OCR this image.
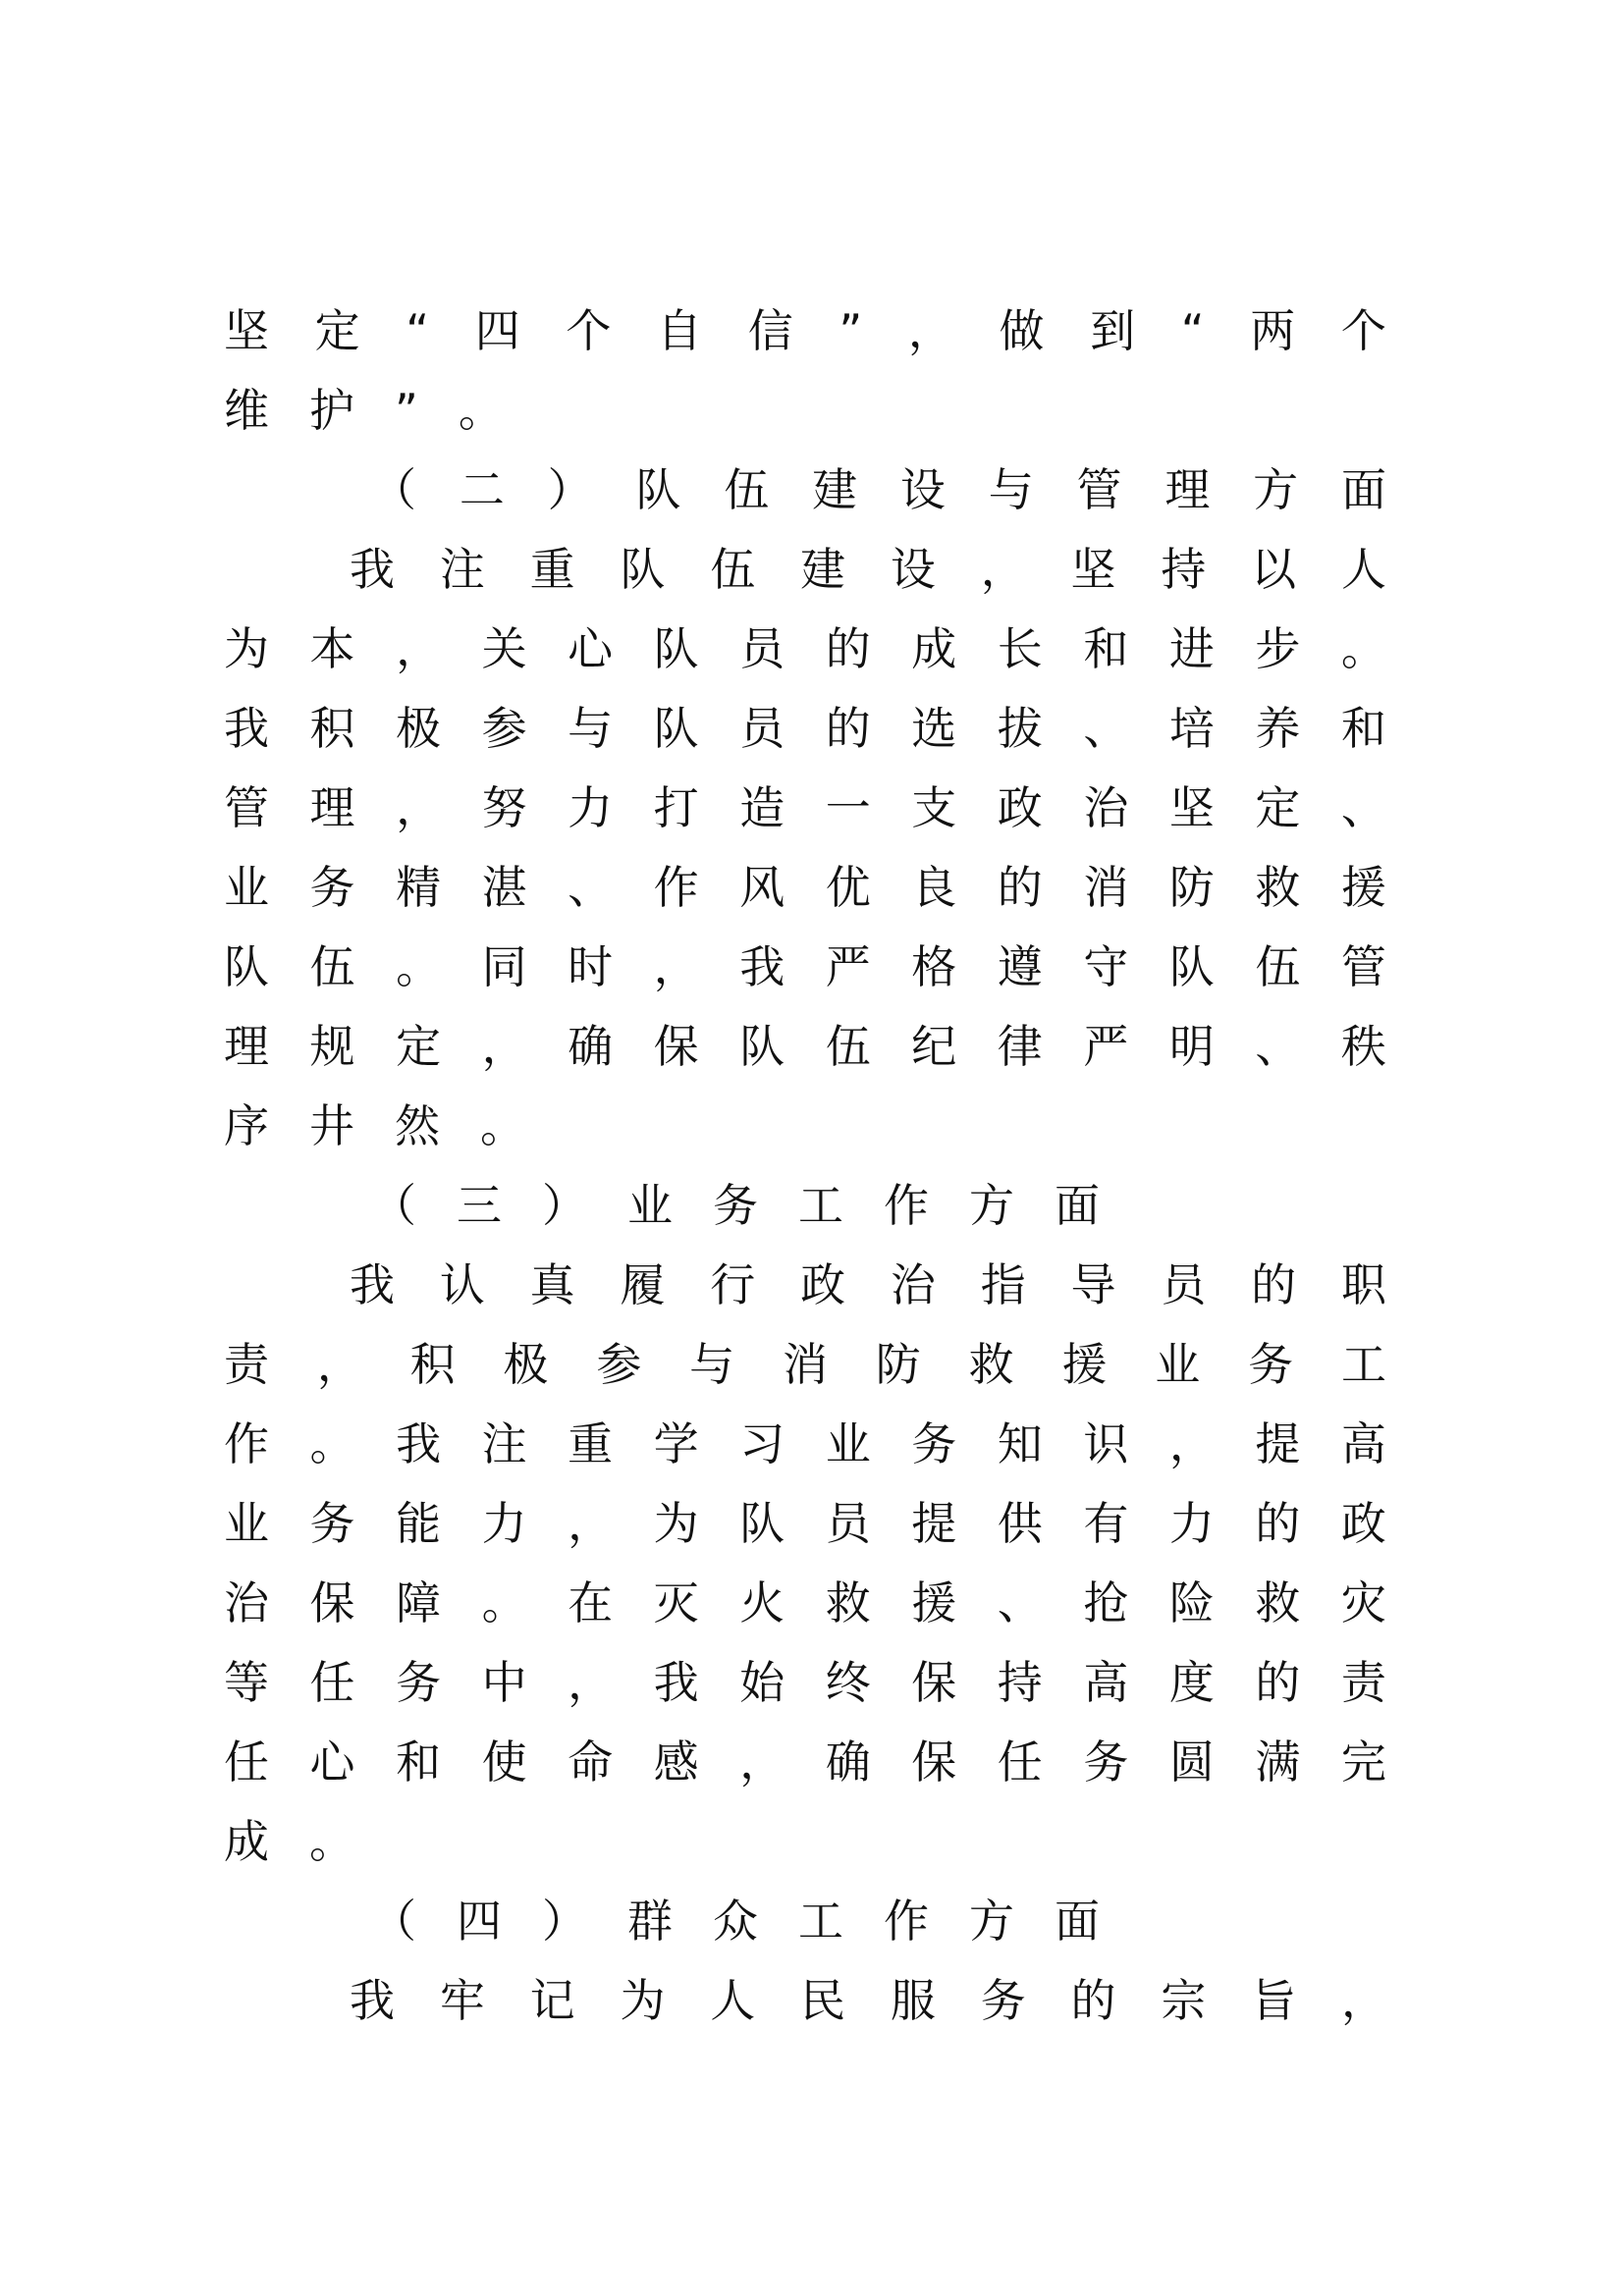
坚 定 “ 四 个 自 信 ” ， 做 到 “ 两 个
维 护 ” 。
（ 二 ） 队 伍 建 设 与 管 理 方 面
我 注 重 队 伍 建 设 ， 坚 持 以 人
为 本 ， 关 心 队 员 的 成 长 和 进 步 。
我 积 极 参 与 队 员 的 选 拔 、 培 养 和
管 理 ， 努 力 打 造 一 支 政 治 坚 定 、
业 务 精 湛 、 作 风 优 良 的 消 防 救 援
队 伍 。 同 时 ， 我 严 格 遵 守 队 伍 管
理 规 定 ， 确 保 队 伍 纪 律 严 明 、 秩
序 井 然 。
（ 三 ） 业 务 工 作 方 面
我 认 真 履 行 政 治 指 导 员 的 职
责 ， 积 极 参 与 消 防 救 援 业 务 工
作 。 我 注 重 学 习 业 务 知 识 ， 提 高
业 务 能 力 ， 为 队 员 提 供 有 力 的 政
治 保 障 。 在 灭 火 救 援 、 抢 险 救 灾
等 任 务 中 ， 我 始 终 保 持 高 度 的 责
任 心 和 使 命 感 ， 确 保 任 务 圆 满 完
成 。
（ 四 ） 群 众 工 作 方 面
我 牢 记 为 人 民 服 务 的 宗 旨 ，
